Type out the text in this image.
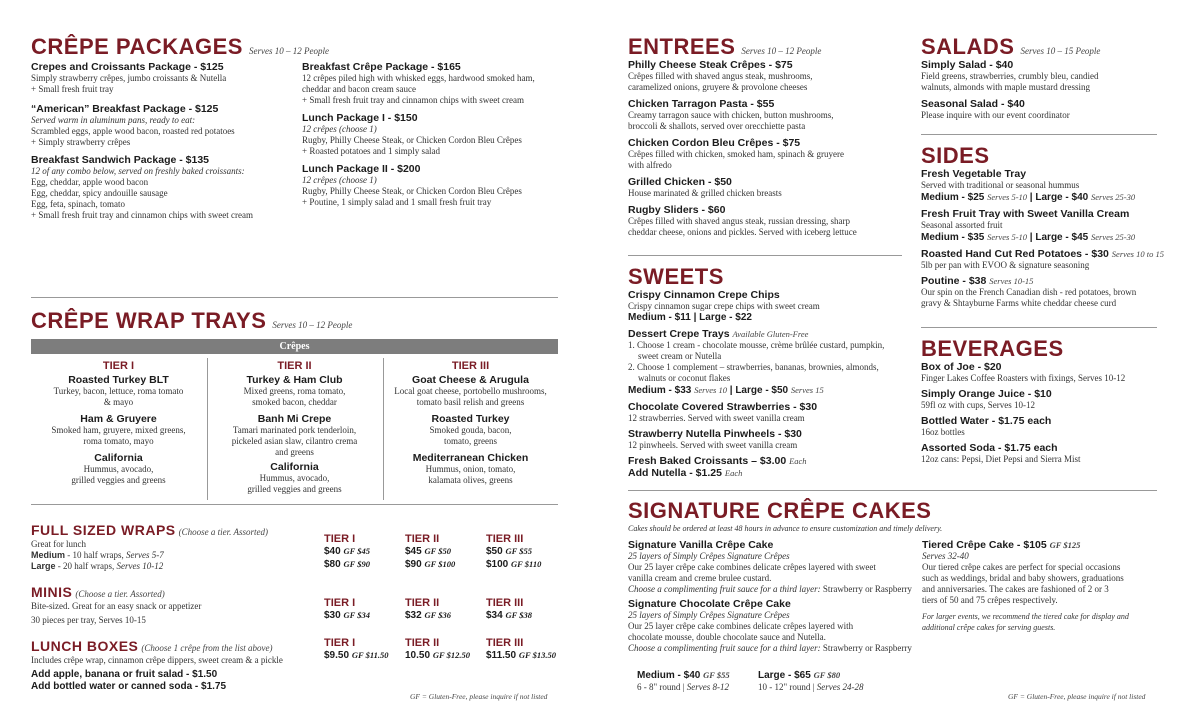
CRÊPE PACKAGES Serves 10 – 12 People
Crepes and Croissants Package - $125
Simply strawberry crêpes, jumbo croissants & Nutella
+ Small fresh fruit tray
“American” Breakfast Package - $125
Served warm in aluminum pans, ready to eat:
Scrambled eggs, apple wood bacon, roasted red potatoes
+ Simply strawberry crêpes
Breakfast Sandwich Package - $135
12 of any combo below, served on freshly baked croissants:
Egg, cheddar, apple wood bacon
Egg, cheddar, spicy andouille sausage
Egg, feta, spinach, tomato
+ Small fresh fruit tray and cinnamon chips with sweet cream
Breakfast Crêpe Package - $165
12 crêpes piled high with whisked eggs, hardwood smoked ham,
cheddar and bacon cream sauce
+ Small fresh fruit tray and cinnamon chips with sweet cream
Lunch Package I - $150
12 crêpes (choose 1)
Rugby, Philly Cheese Steak, or Chicken Cordon Bleu Crêpes
+ Roasted potatoes and 1 simply salad
Lunch Package II - $200
12 crêpes (choose 1)
Rugby, Philly Cheese Steak, or Chicken Cordon Bleu Crêpes
+ Poutine, 1 simply salad and 1 small fresh fruit tray
CRÊPE WRAP TRAYS Serves 10 – 12 People
Crêpes
TIER I
Roasted Turkey BLT
Turkey, bacon, lettuce, roma tomato
& mayo
Ham & Gruyere
Smoked ham, gruyere, mixed greens,
roma tomato, mayo
California
Hummus, avocado,
grilled veggies and greens
TIER II
Turkey & Ham Club
Mixed greens, roma tomato,
smoked bacon, cheddar
Banh Mi Crepe
Tamari marinated pork tenderloin,
pickeled asian slaw, cilantro crema
and greens
California
Hummus, avocado,
grilled veggies and greens
TIER III
Goat Cheese & Arugula
Local goat cheese, portobello mushrooms,
tomato basil relish and greens
Roasted Turkey
Smoked gouda, bacon,
tomato, greens
Mediterranean Chicken
Hummus, onion, tomato,
kalamata olives, greens
FULL SIZED WRAPS (Choose a tier. Assorted)
Great for lunch
Medium - 10 half wraps, Serves 5-7
Large - 20 half wraps, Serves 10-12
TIER I
$40 GF $45
$80 GF $90
TIER II
$45 GF $50
$90 GF $100
TIER III
$50 GF $55
$100 GF $110
MINIS (Choose a tier. Assorted)
Bite-sized. Great for an easy snack or appetizer
30 pieces per tray, Serves 10-15
TIER I
$30 GF $34
TIER II
$32 GF $36
TIER III
$34 GF $38
LUNCH BOXES (Choose 1 crêpe from the list above)
Includes crêpe wrap, cinnamon crêpe dippers, sweet cream & a pickle
Add apple, banana or fruit salad - $1.50
Add bottled water or canned soda - $1.75
TIER I
$9.50 GF $11.50
TIER II
10.50 GF $12.50
TIER III
$11.50 GF $13.50
GF = Gluten-Free, please inquire if not listed
ENTREES Serves 10 – 12 People
Philly Cheese Steak Crêpes - $75
Crêpes filled with shaved angus steak, mushrooms,
caramelized onions, gruyere & provolone cheeses
Chicken Tarragon Pasta - $55
Creamy tarragon sauce with chicken, button mushrooms,
broccoli & shallots, served over orecchiette pasta
Chicken Cordon Bleu Crêpes - $75
Crêpes filled with chicken, smoked ham, spinach & gruyere
with alfredo
Grilled Chicken - $50
House marinated & grilled chicken breasts
Rugby Sliders - $60
Crêpes filled with shaved angus steak, russian dressing, sharp
cheddar cheese, onions and pickles. Served with iceberg lettuce
SWEETS
Crispy Cinnamon Crepe Chips
Crispy cinnamon sugar crepe chips with sweet cream
Medium - $11 | Large - $22
Dessert Crepe Trays Available Gluten-Free
1. Choose 1 cream - chocolate mousse, crème brûlée custard, pumpkin,
sweet cream or Nutella
2. Choose 1 complement – strawberries, bananas, brownies, almonds,
walnuts or coconut flakes
Medium - $33 Serves 10 | Large - $50 Serves 15
Chocolate Covered Strawberries - $30
12 strawberries. Served with sweet vanilla cream
Strawberry Nutella Pinwheels - $30
12 pinwheels. Served with sweet vanilla cream
Fresh Baked Croissants – $3.00 Each
Add Nutella - $1.25 Each
SALADS Serves 10 – 15 People
Simply Salad - $40
Field greens, strawberries, crumbly bleu, candied
walnuts, almonds with maple mustard dressing
Seasonal Salad - $40
Please inquire with our event coordinator
SIDES
Fresh Vegetable Tray
Served with traditional or seasonal hummus
Medium - $25 Serves 5-10 | Large - $40 Serves 25-30
Fresh Fruit Tray with Sweet Vanilla Cream
Seasonal assorted fruit
Medium - $35 Serves 5-10 | Large - $45 Serves 25-30
Roasted Hand Cut Red Potatoes - $30 Serves 10 to 15
5lb per pan with EVOO & signature seasoning
Poutine - $38 Serves 10-15
Our spin on the French Canadian dish - red potatoes, brown
gravy & Shtayburne Farms white cheddar cheese curd
BEVERAGES
Box of Joe - $20
Finger Lakes Coffee Roasters with fixings, Serves 10-12
Simply Orange Juice - $10
59fl oz with cups, Serves 10-12
Bottled Water - $1.75 each
16oz bottles
Assorted Soda - $1.75 each
12oz cans: Pepsi, Diet Pepsi and Sierra Mist
SIGNATURE CRÊPE CAKES
Cakes should be ordered at least 48 hours in advance to ensure customization and timely delivery.
Signature Vanilla Crêpe Cake
25 layers of Simply Crêpes Signature Crêpes
Our 25 layer crêpe cake combines delicate crêpes layered with sweet
vanilla cream and creme brulee custard.
Choose a complimenting fruit sauce for a third layer: Strawberry or Raspberry
Signature Chocolate Crêpe Cake
25 layers of Simply Crêpes Signature Crêpes
Our 25 layer crêpe cake combines delicate crêpes layered with
chocolate mousse, double chocolate sauce and Nutella.
Choose a complimenting fruit sauce for a third layer: Strawberry or Raspberry
Medium - $40 GF $55
6 - 8" round | Serves 8-12
Large - $65 GF $80
10 - 12" round | Serves 24-28
Tiered Crêpe Cake - $105 GF $125
Serves 32-40
Our tiered crêpe cakes are perfect for special occasions
such as weddings, bridal and baby showers, graduations
and anniversaries. The cakes are fashioned of 2 or 3
tiers of 50 and 75 crêpes respectively.
For larger events, we recommend the tiered cake for display and
additional crêpe cakes for serving guests.
GF = Gluten-Free, please inquire if not listed
